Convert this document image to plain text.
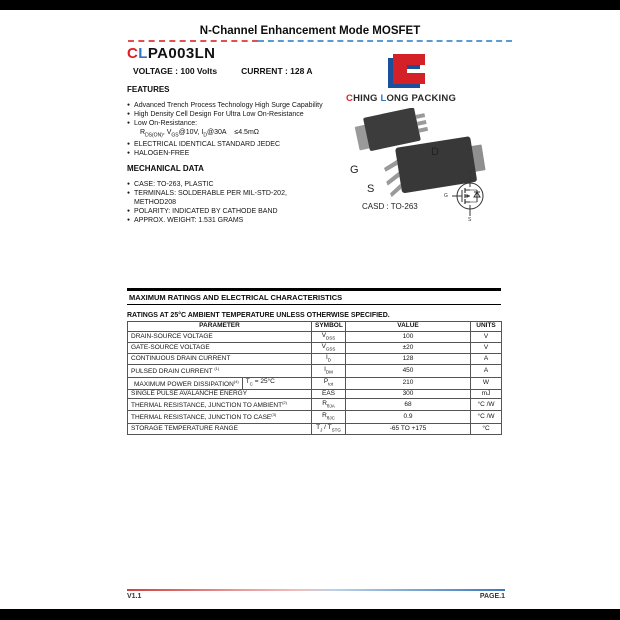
N-Channel Enhancement Mode MOSFET
CLPA003LN
VOLTAGE : 100 Volts	CURRENT : 128 A
CHING LONG PACKING
FEATURES
● Advanced Trench Process Technology High Surge Capability
● High Density Cell Design For Ultra Low On-Resistance
● Low On-Resistance:
$R_{DS(ON)}$, $V_{GS}@10V$, $I_D@30A$    ≤4.5mΩ
● ELECTRICAL IDENTICAL STANDARD JEDEC
● HALOGEN-FREE
MECHANICAL DATA
● CASE: TO-263, PLASTIC
● TERMINALS: SOLDERABLE PER MIL-STD-202,
METHOD208
● POLARITY: INDICATED BY CATHODE BAND
● APPROX. WEIGHT: 1.531 GRAMS
G
S
D
CASD : TO-263
D
G
S
MAXIMUM RATINGS AND ELECTRICAL CHARACTERISTICS
RATINGS AT 25°C AMBIENT TEMPERATURE UNLESS OTHERWISE SPECIFIED.
PARAMETER	SYMBOL	VALUE	UNITS
DRAIN-SOURCE VOLTAGE	$V_{DSS}$	100	V
GATE-SOURCE VOLTAGE	$V_{GSS}$	±20	V
CONTINUOUS DRAIN CURRENT	$I_D$	128	A
PULSED DRAIN CURRENT $^{(1)}$	$I_{DM}$	450	A

MAXIMUM POWER DISSIPATION$^{(4)}$ $T_C = 25^\circ C$	$P_{tot}$	210	W
SINGLE PULSE AVALANCHE ENERGY	EAS	300	mJ
THERMAL RESISTANCE, JUNCTION TO AMBIENT$^{(2)}$	$R_{\theta JA}$	68	°C /W
THERMAL RESISTANCE, JUNCTION TO CASE$^{(3)}$	$R_{\theta JC}$	0.9	°C /W
STORAGE TEMPERATURE RANGE	$T_J / T_{STG}$	-65 TO +175	°C
V1.1	PAGE.1
